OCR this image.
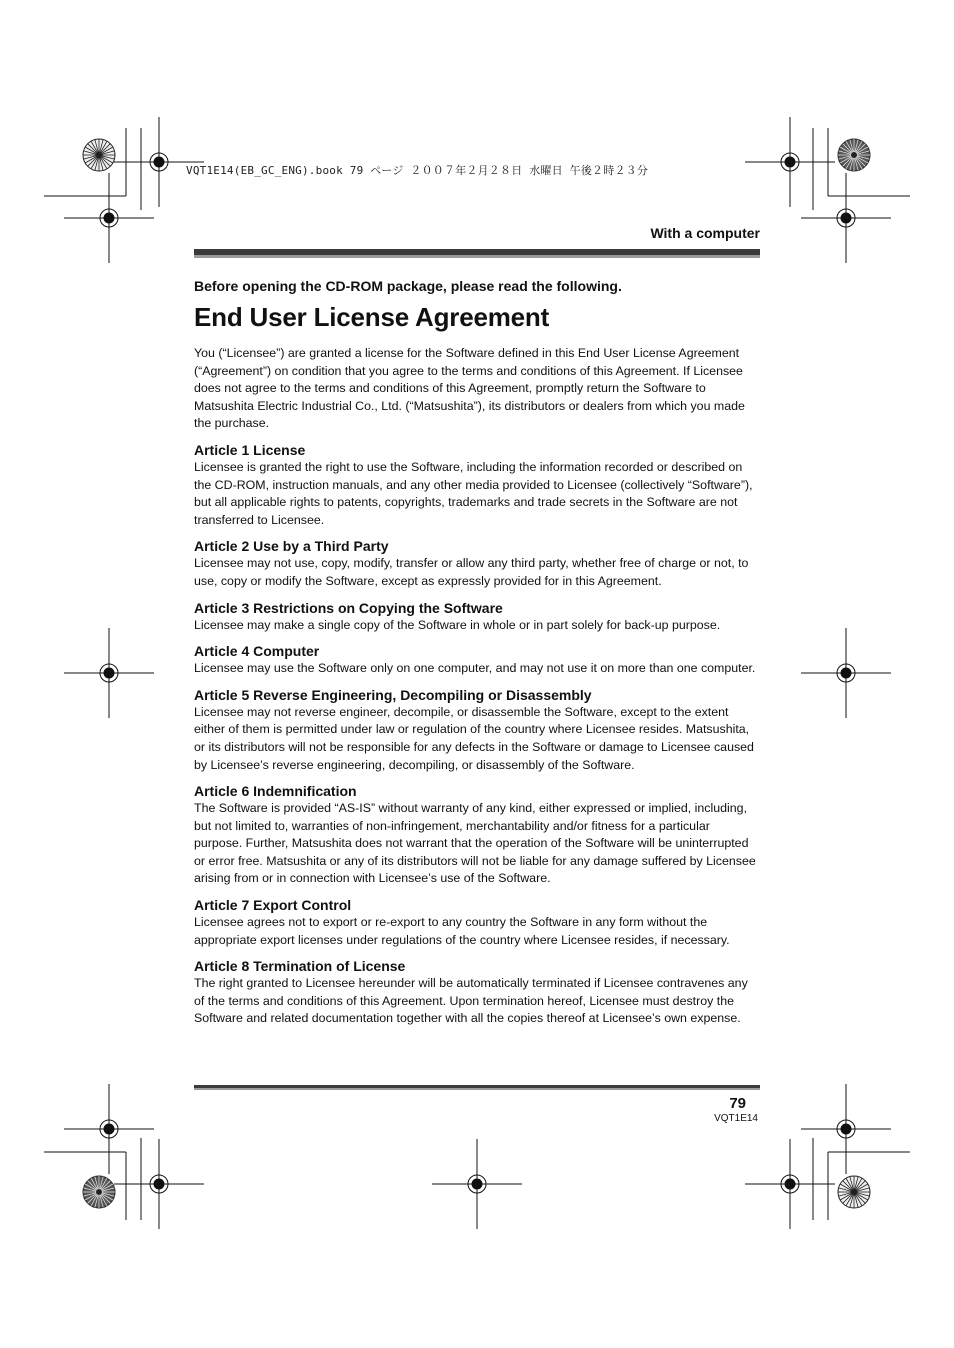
VQT1E14(EB_GC_ENG).book 79 ページ ２００７年２月２８日 水曜日 午後２時２３分
With a computer

Before opening the CD-ROM package, please read the following.

End User License Agreement

You (“Licensee”) are granted a license for the Software defined in this End User License Agreement (“Agreement”) on condition that you agree to the terms and conditions of this Agreement. If Licensee does not agree to the terms and conditions of this Agreement, promptly return the Software to Matsushita Electric Industrial Co., Ltd. (“Matsushita”), its distributors or dealers from which you made the purchase.

Article 1 License

Licensee is granted the right to use the Software, including the information recorded or described on the CD-ROM, instruction manuals, and any other media provided to Licensee (collectively “Software”), but all applicable rights to patents, copyrights, trademarks and trade secrets in the Software are not transferred to Licensee.

Article 2 Use by a Third Party

Licensee may not use, copy, modify, transfer or allow any third party, whether free of charge or not, to use, copy or modify the Software, except as expressly provided for in this Agreement.

Article 3 Restrictions on Copying the Software

Licensee may make a single copy of the Software in whole or in part solely for back-up purpose.

Article 4 Computer

Licensee may use the Software only on one computer, and may not use it on more than one computer.

Article 5 Reverse Engineering, Decompiling or Disassembly

Licensee may not reverse engineer, decompile, or disassemble the Software, except to the extent either of them is permitted under law or regulation of the country where Licensee resides. Matsushita, or its distributors will not be responsible for any defects in the Software or damage to Licensee caused by Licensee’s reverse engineering, decompiling, or disassembly of the Software.

Article 6 Indemnification

The Software is provided “AS-IS” without warranty of any kind, either expressed or implied, including, but not limited to, warranties of non-infringement, merchantability and/or fitness for a particular purpose. Further, Matsushita does not warrant that the operation of the Software will be uninterrupted or error free. Matsushita or any of its distributors will not be liable for any damage suffered by Licensee arising from or in connection with Licensee’s use of the Software.

Article 7 Export Control

Licensee agrees not to export or re-export to any country the Software in any form without the appropriate export licenses under regulations of the country where Licensee resides, if necessary.

Article 8 Termination of License

The right granted to Licensee hereunder will be automatically terminated if Licensee contravenes any of the terms and conditions of this Agreement. Upon termination hereof, Licensee must destroy the Software and related documentation together with all the copies thereof at Licensee’s own expense.

79
VQT1E14
